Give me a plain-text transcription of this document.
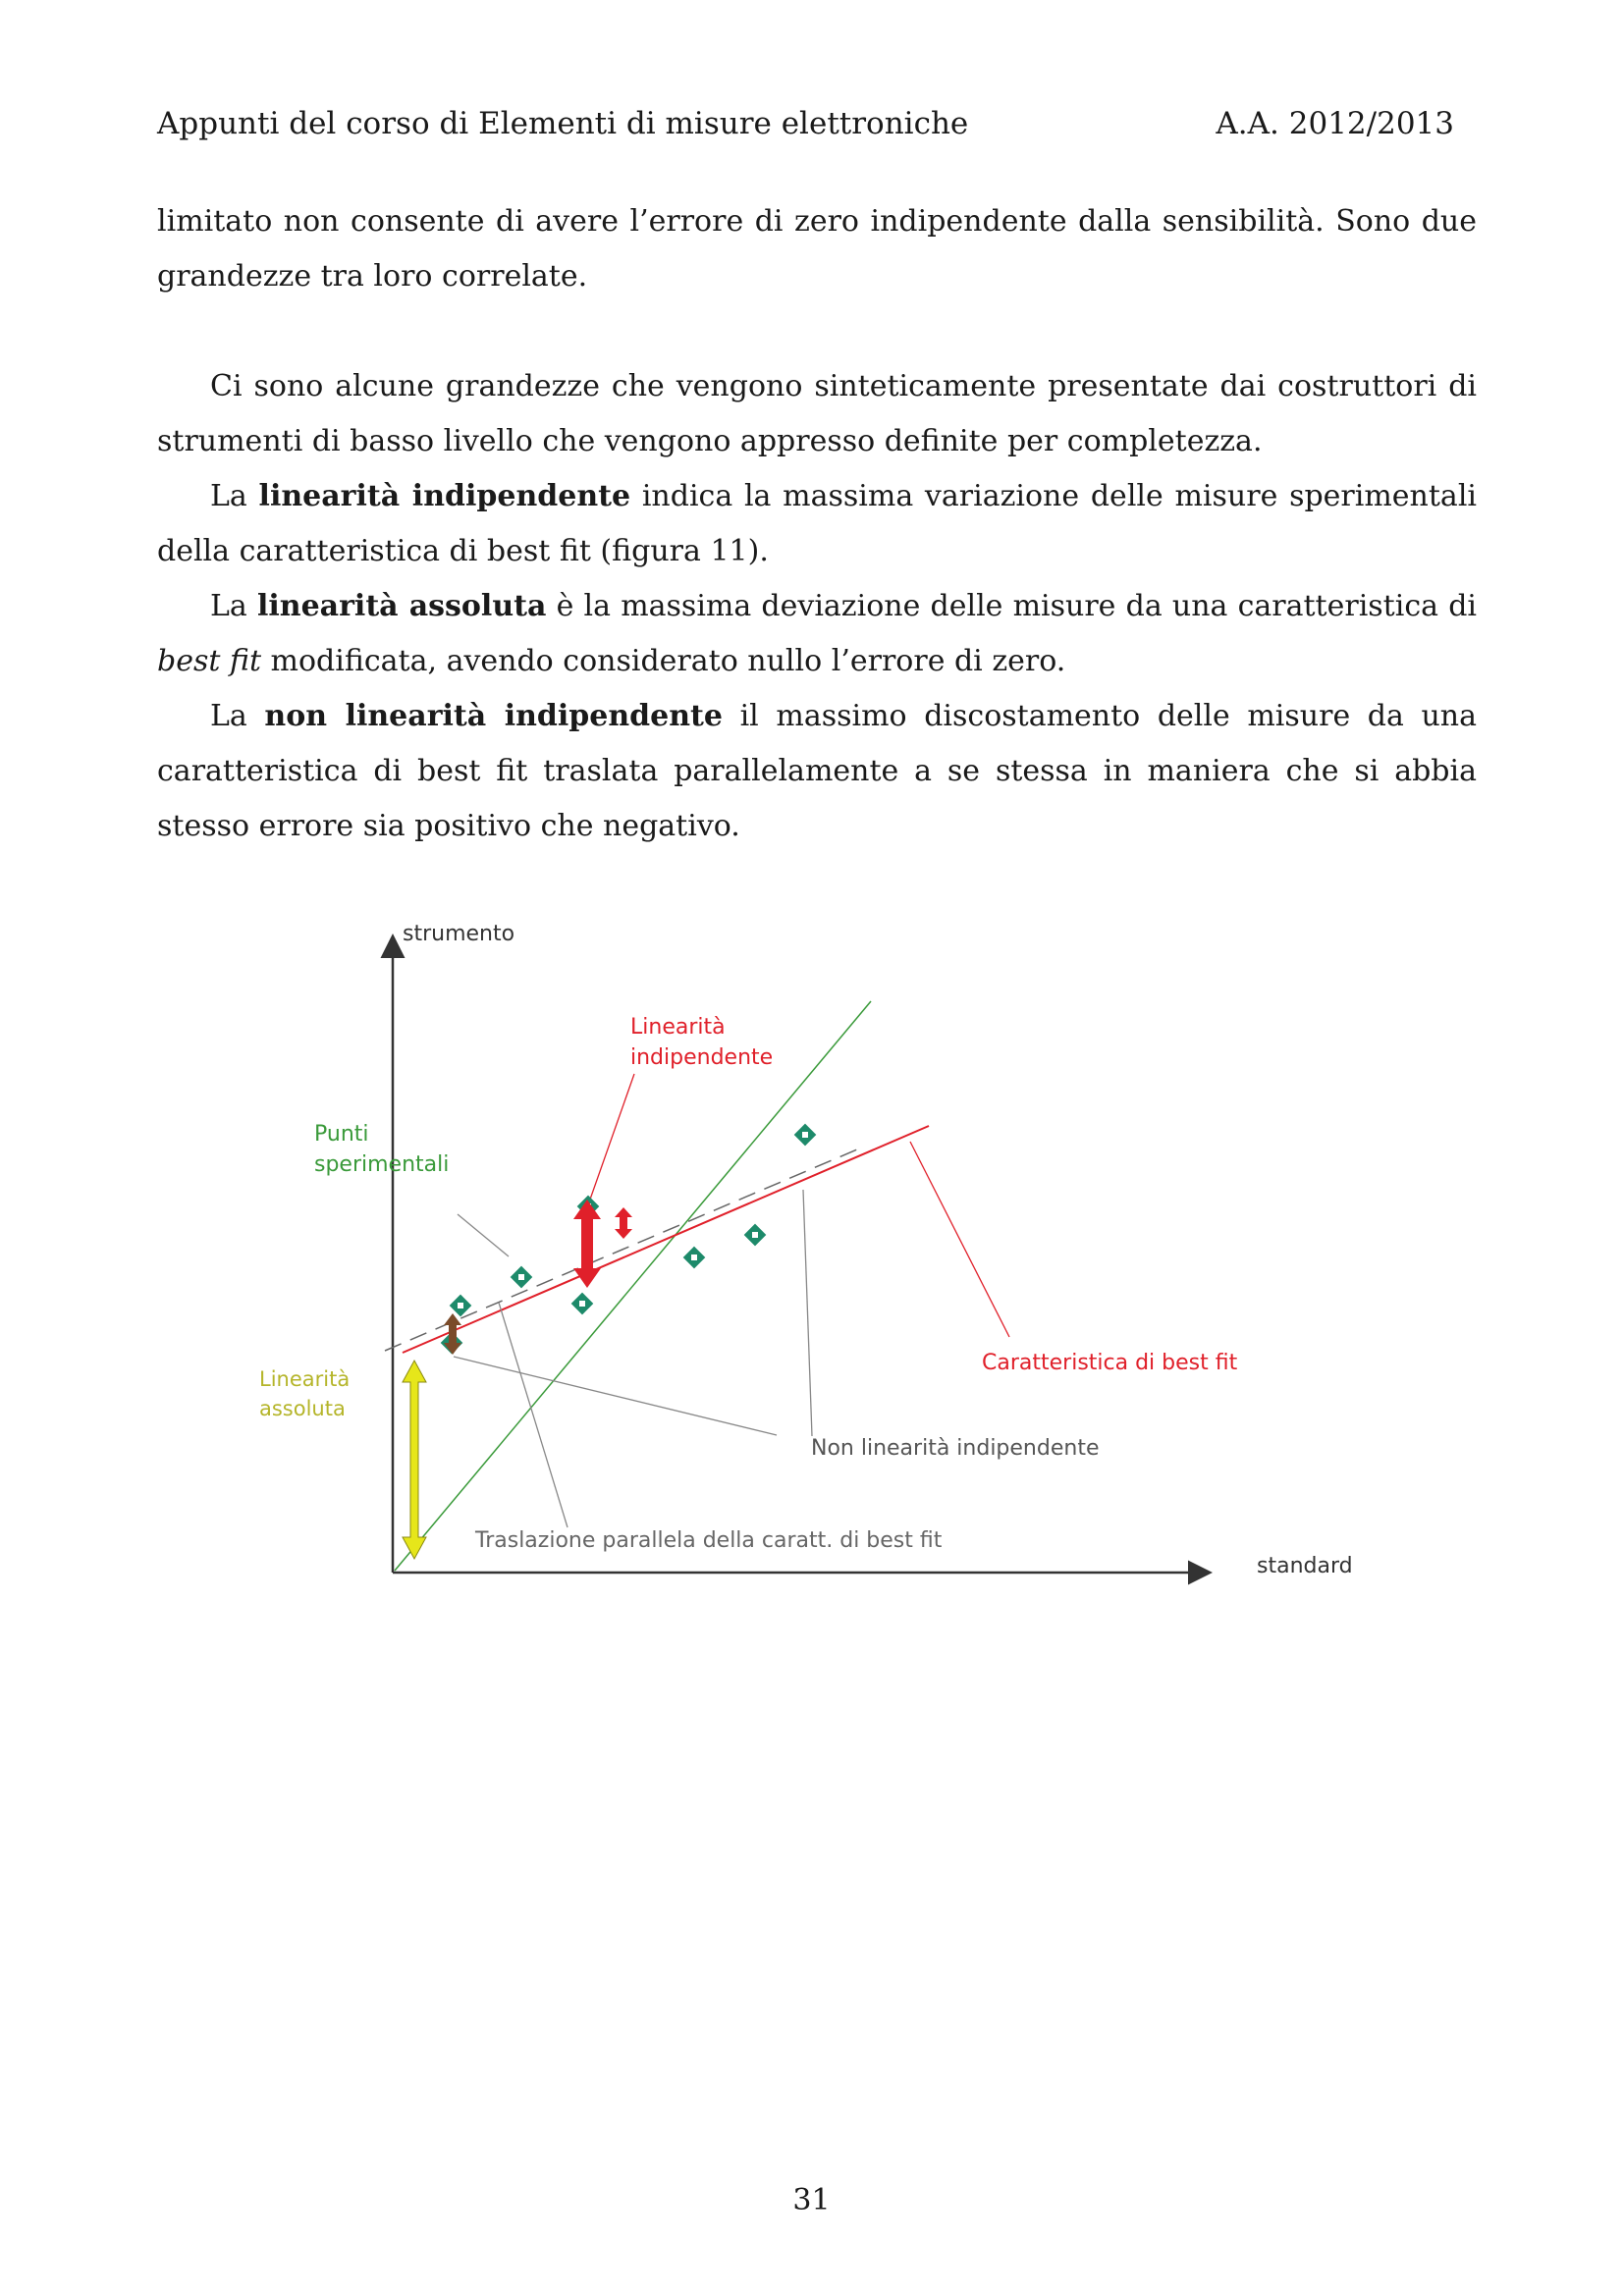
Appunti del corso di Elementi di misure elettroniche	A.A. 2012/2013

limitato non consente di avere l’errore di zero indipendente dalla sensibilità. Sono due grandezze tra loro correlate.

Ci sono alcune grandezze che vengono sinteticamente presentate dai costruttori di strumenti di basso livello che vengono appresso definite per completezza.

La linearità indipendente indica la massima variazione delle misure sperimentali della caratteristica di best fit (figura 11).

La linearità assoluta è la massima deviazione delle misure da una caratteristica di best fit modificata, avendo considerato nullo l’errore di zero.

La non linearità indipendente il massimo discostamento delle misure da una caratteristica di best fit traslata parallelamente a se stessa in maniera che si abbia stesso errore sia positivo che negativo.

strumento
standard
Linearità
indipendente
Punti
sperimentali
Caratteristica di best fit
Linearità
assoluta
Non linearità indipendente
Traslazione parallela della caratt. di best fit
31
